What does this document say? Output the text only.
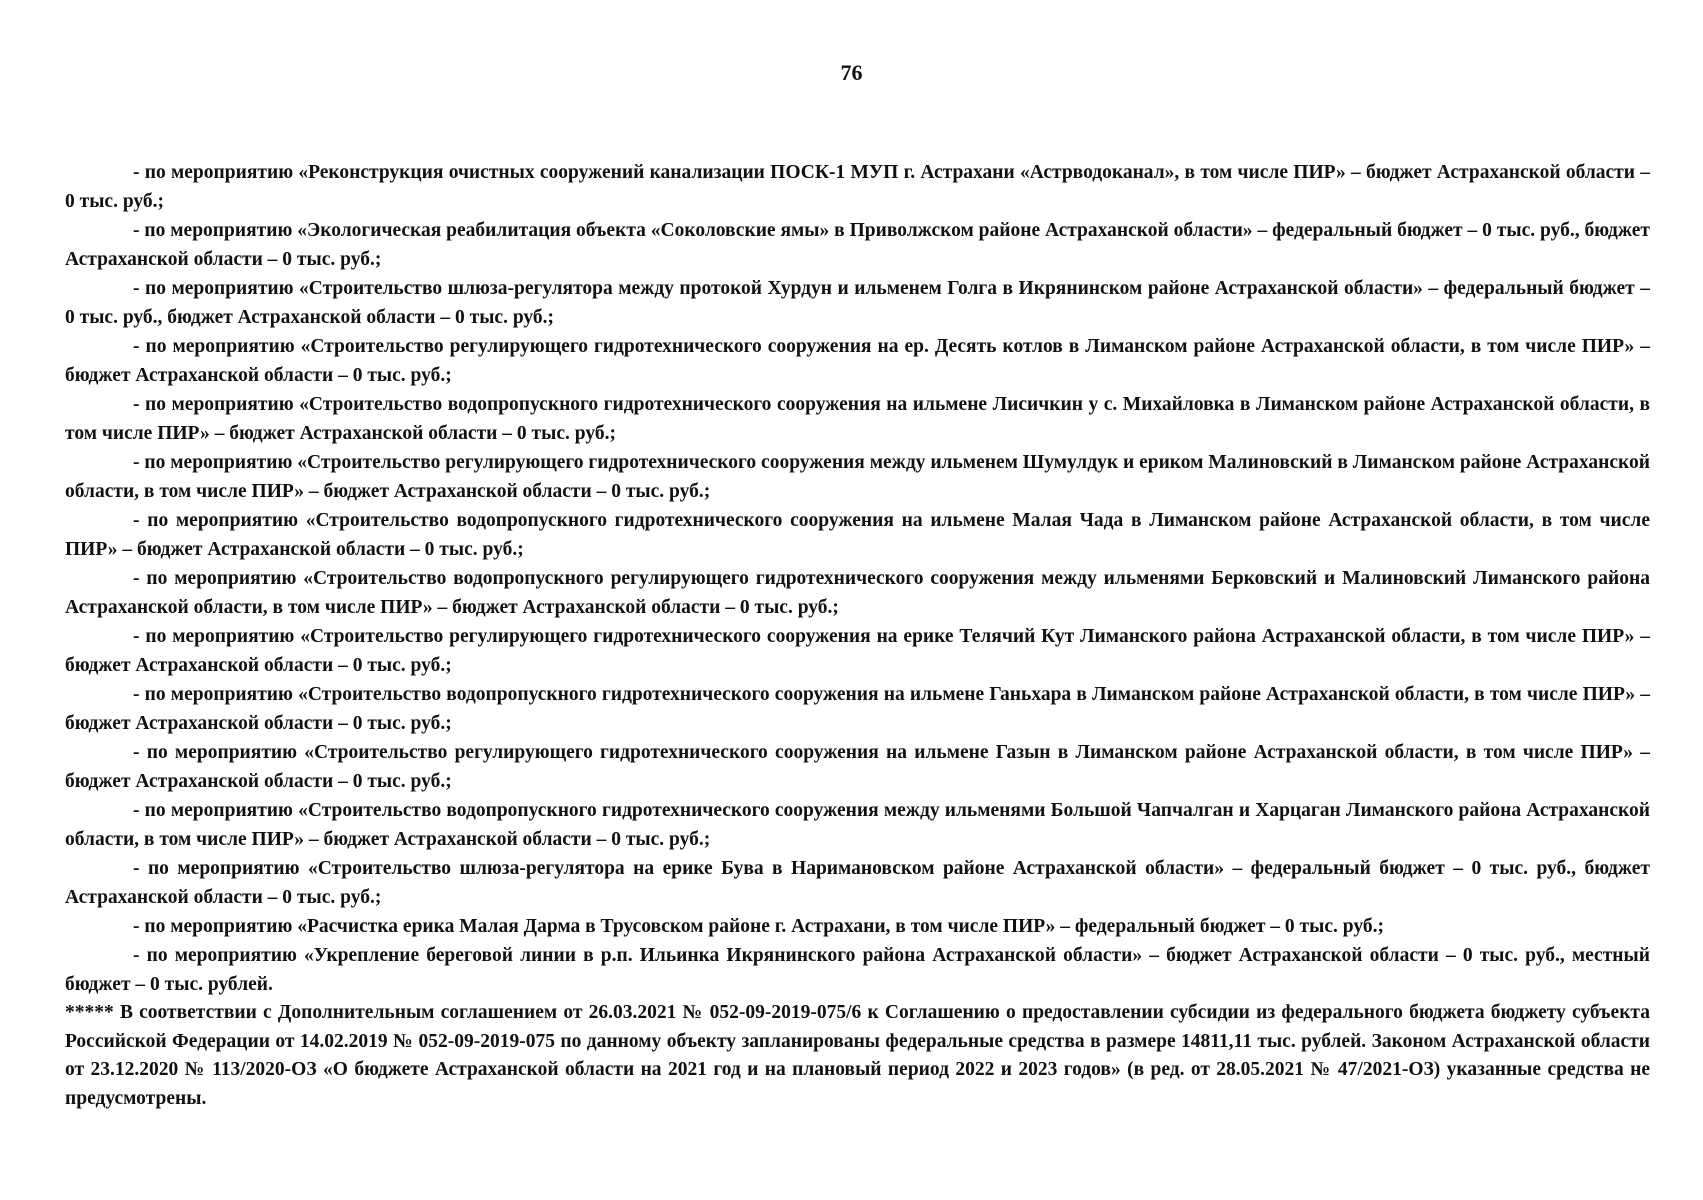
76

- по мероприятию «Реконструкция очистных сооружений канализации ПОСК-1 МУП г. Астрахани «Астрводоканал», в том числе ПИР» – бюджет Астраханской области – 0 тыс. руб.;

- по мероприятию «Экологическая реабилитация объекта «Соколовские ямы» в Приволжском районе Астраханской области» – федеральный бюджет – 0 тыс. руб., бюджет Астраханской области – 0 тыс. руб.;

- по мероприятию «Строительство шлюза-регулятора между протокой Хурдун и ильменем Голга в Икрянинском районе Астраханской области» – федеральный бюджет – 0 тыс. руб., бюджет Астраханской области – 0 тыс. руб.;

- по мероприятию «Строительство регулирующего гидротехнического сооружения на ер. Десять котлов в Лиманском районе Астраханской области, в том числе ПИР» – бюджет Астраханской области – 0 тыс. руб.;

- по мероприятию «Строительство водопропускного гидротехнического сооружения на ильмене Лисичкин у с. Михайловка в Лиманском районе Астраханской области, в том числе ПИР» – бюджет Астраханской области – 0 тыс. руб.;

- по мероприятию «Строительство регулирующего гидротехнического сооружения между ильменем Шумулдук и ериком Малиновский в Лиманском районе Астраханской области, в том числе ПИР» – бюджет Астраханской области – 0 тыс. руб.;

- по мероприятию «Строительство водопропускного гидротехнического сооружения на ильмене Малая Чада в Лиманском районе Астраханской области, в том числе ПИР» – бюджет Астраханской области – 0 тыс. руб.;

- по мероприятию «Строительство водопропускного регулирующего гидротехнического сооружения между ильменями Берковский и Малиновский Лиманского района Астраханской области, в том числе ПИР» – бюджет Астраханской области – 0 тыс. руб.;

- по мероприятию «Строительство регулирующего гидротехнического сооружения на ерике Телячий Кут Лиманского района Астраханской области, в том числе ПИР» – бюджет Астраханской области – 0 тыс. руб.;

- по мероприятию «Строительство водопропускного гидротехнического сооружения на ильмене Ганьхара в Лиманском районе Астраханской области, в том числе ПИР» – бюджет Астраханской области – 0 тыс. руб.;

- по мероприятию «Строительство регулирующего гидротехнического сооружения на ильмене Газын в Лиманском районе Астраханской области, в том числе ПИР» – бюджет Астраханской области – 0 тыс. руб.;

- по мероприятию «Строительство водопропускного гидротехнического сооружения между ильменями Большой Чапчалган и Харцаган Лиманского района Астраханской области, в том числе ПИР» – бюджет Астраханской области – 0 тыс. руб.;

- по мероприятию «Строительство шлюза-регулятора на ерике Бува в Наримановском районе Астраханской области» – федеральный бюджет – 0 тыс. руб., бюджет Астраханской области – 0 тыс. руб.;

- по мероприятию «Расчистка ерика Малая Дарма в Трусовском районе г. Астрахани, в том числе ПИР» – федеральный бюджет – 0 тыс. руб.;

- по мероприятию «Укрепление береговой линии в р.п. Ильинка Икрянинского района Астраханской области» – бюджет Астраханской области – 0 тыс. руб., местный бюджет – 0 тыс. рублей.

***** В соответствии с Дополнительным соглашением от 26.03.2021 № 052-09-2019-075/6 к Соглашению о предоставлении субсидии из федерального бюджета бюджету субъекта Российской Федерации от 14.02.2019 № 052-09-2019-075 по данному объекту запланированы федеральные средства в размере 14811,11 тыс. рублей. Законом Астраханской области от 23.12.2020 № 113/2020-ОЗ «О бюджете Астраханской области на 2021 год и на плановый период 2022 и 2023 годов» (в ред. от 28.05.2021 № 47/2021-ОЗ) указанные средства не предусмотрены.
